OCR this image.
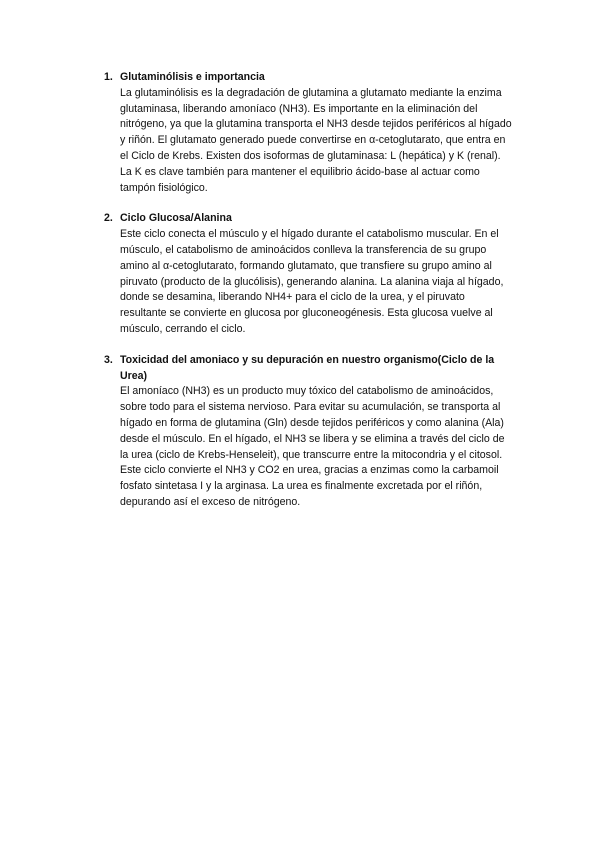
1. Glutaminólisis e importancia

La glutaminólisis es la degradación de glutamina a glutamato mediante la enzima glutaminasa, liberando amoníaco (NH3). Es importante en la eliminación del nitrógeno, ya que la glutamina transporta el NH3 desde tejidos periféricos al hígado y riñón. El glutamato generado puede convertirse en α-cetoglutarato, que entra en el Ciclo de Krebs. Existen dos isoformas de glutaminasa: L (hepática) y K (renal). La K es clave también para mantener el equilibrio ácido-base al actuar como tampón fisiológico.

2. Ciclo Glucosa/Alanina

Este ciclo conecta el músculo y el hígado durante el catabolismo muscular. En el músculo, el catabolismo de aminoácidos conlleva la transferencia de su grupo amino al α-cetoglutarato, formando glutamato, que transfiere su grupo amino al piruvato (producto de la glucólisis), generando alanina. La alanina viaja al hígado, donde se desamina, liberando NH4+ para el ciclo de la urea, y el piruvato resultante se convierte en glucosa por gluconeogénesis. Esta glucosa vuelve al músculo, cerrando el ciclo.

3. Toxicidad del amoniaco y su depuración en nuestro organismo(Ciclo de la Urea)

El amoníaco (NH3) es un producto muy tóxico del catabolismo de aminoácidos, sobre todo para el sistema nervioso. Para evitar su acumulación, se transporta al hígado en forma de glutamina (Gln) desde tejidos periféricos y como alanina (Ala) desde el músculo. En el hígado, el NH3 se libera y se elimina a través del ciclo de la urea (ciclo de Krebs-Henseleit), que transcurre entre la mitocondria y el citosol. Este ciclo convierte el NH3 y CO2 en urea, gracias a enzimas como la carbamoil fosfato sintetasa I y la arginasa. La urea es finalmente excretada por el riñón, depurando así el exceso de nitrógeno.
